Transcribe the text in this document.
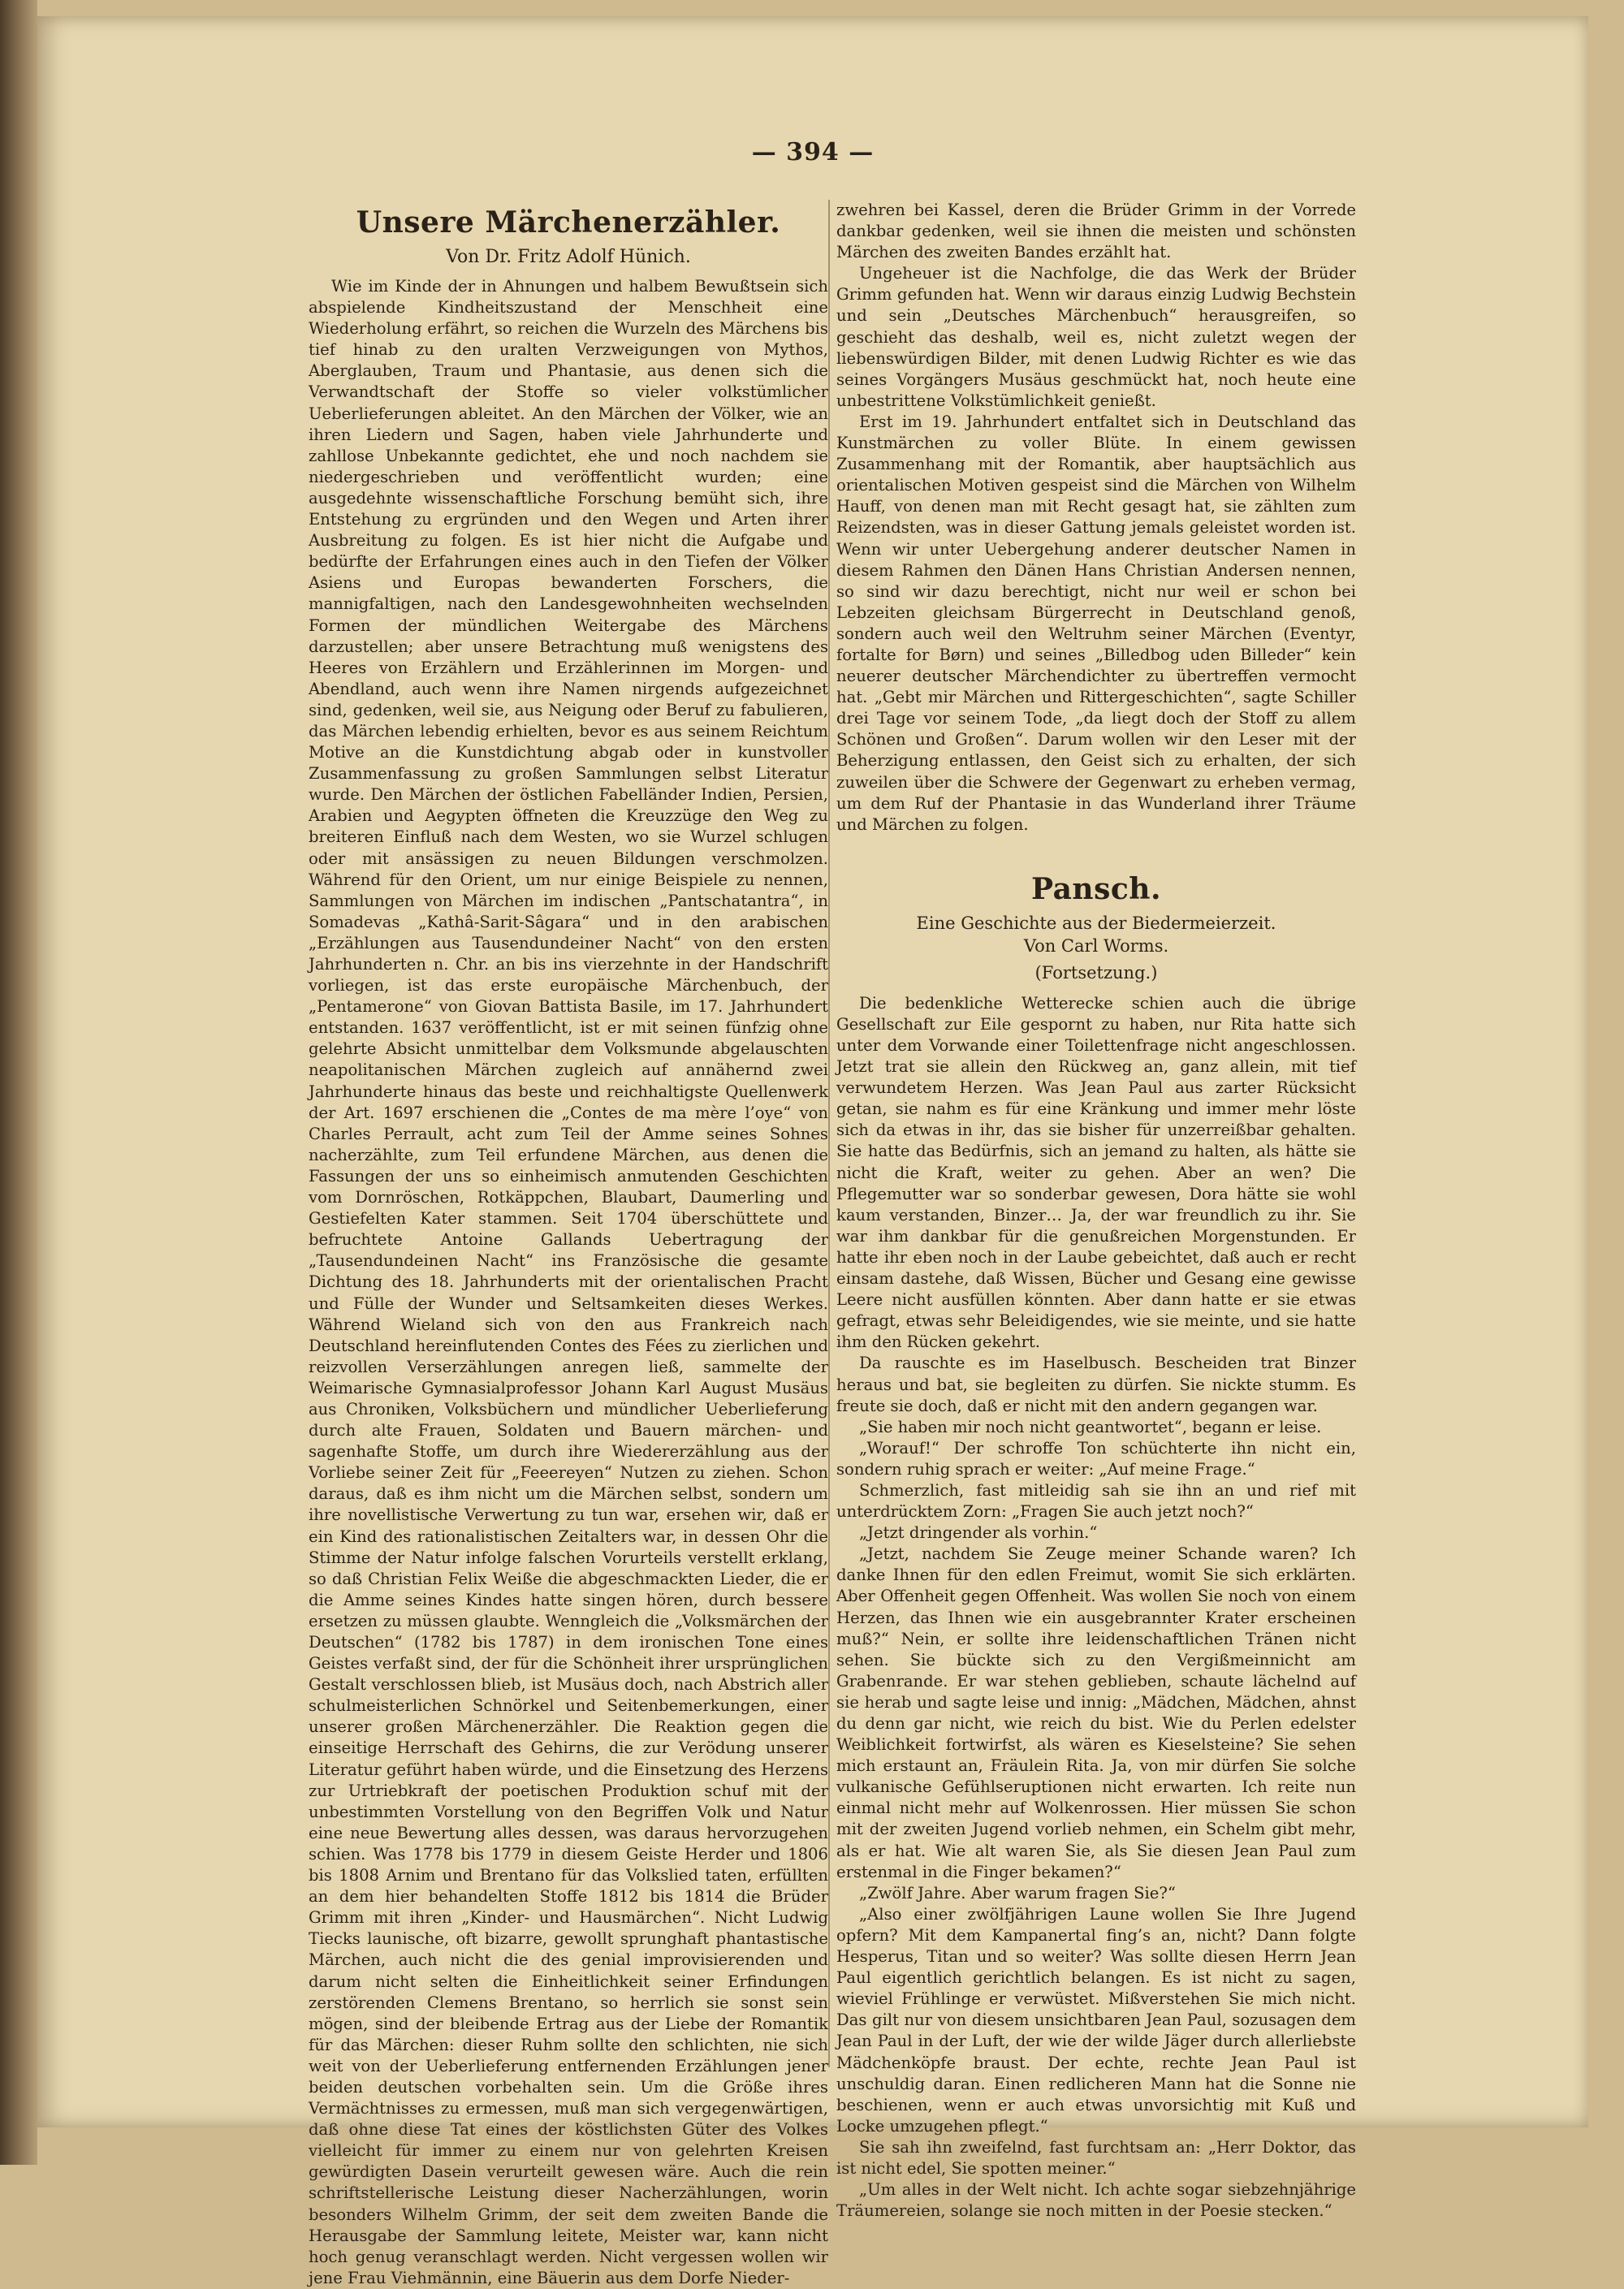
— 394 —
Unsere Märchenerzähler.
Von Dr. Fritz Adolf Hünich.

Wie im Kinde der in Ahnungen und halbem Bewußtsein sich abspielende Kindheitszustand der Menschheit eine Wiederholung erfährt, so reichen die Wurzeln des Märchens bis tief hinab zu den uralten Verzweigungen von Mythos, Aberglauben, Traum und Phantasie, aus denen sich die Verwandtschaft der Stoffe so vieler volkstümlicher Ueberlieferungen ableitet. An den Märchen der Völker, wie an ihren Liedern und Sagen, haben viele Jahrhunderte und zahllose Unbekannte gedichtet, ehe und noch nachdem sie niedergeschrieben und veröffentlicht wurden; eine ausgedehnte wissenschaftliche Forschung bemüht sich, ihre Entstehung zu ergründen und den Wegen und Arten ihrer Ausbreitung zu folgen. Es ist hier nicht die Aufgabe und bedürfte der Erfahrungen eines auch in den Tiefen der Völker Asiens und Europas bewanderten Forschers, die mannigfaltigen, nach den Landesgewohnheiten wechselnden Formen der mündlichen Weitergabe des Märchens darzustellen; aber unsere Betrachtung muß wenigstens des Heeres von Erzählern und Erzählerinnen im Morgen- und Abendland, auch wenn ihre Namen nirgends aufgezeichnet sind, gedenken, weil sie, aus Neigung oder Beruf zu fabulieren, das Märchen lebendig erhielten, bevor es aus seinem Reichtum Motive an die Kunstdichtung abgab oder in kunstvoller Zusammenfassung zu großen Sammlungen selbst Literatur wurde. Den Märchen der östlichen Fabelländer Indien, Persien, Arabien und Aegypten öffneten die Kreuzzüge den Weg zu breiteren Einfluß nach dem Westen, wo sie Wurzel schlugen oder mit ansässigen zu neuen Bildungen verschmolzen. Während für den Orient, um nur einige Beispiele zu nennen, Sammlungen von Märchen im indischen „Pantschatantra“, in Somadevas „Kathâ-Sarit-Sâgara“ und in den arabischen „Erzählungen aus Tausendundeiner Nacht“ von den ersten Jahrhunderten n. Chr. an bis ins vierzehnte in der Handschrift vorliegen, ist das erste europäische Märchenbuch, der „Pentamerone“ von Giovan Battista Basile, im 17. Jahrhundert entstanden. 1637 veröffentlicht, ist er mit seinen fünfzig ohne gelehrte Absicht unmittelbar dem Volksmunde abgelauschten neapolitanischen Märchen zugleich auf annähernd zwei Jahrhunderte hinaus das beste und reichhaltigste Quellenwerk der Art. 1697 erschienen die „Contes de ma mère l’oye“ von Charles Perrault, acht zum Teil der Amme seines Sohnes nacherzählte, zum Teil erfundene Märchen, aus denen die Fassungen der uns so einheimisch anmutenden Geschichten vom Dornröschen, Rotkäppchen, Blaubart, Daumerling und Gestiefelten Kater stammen. Seit 1704 überschüttete und befruchtete Antoine Gallands Uebertragung der „Tausendundeinen Nacht“ ins Französische die gesamte Dichtung des 18. Jahrhunderts mit der orientalischen Pracht und Fülle der Wunder und Seltsamkeiten dieses Werkes. Während Wieland sich von den aus Frankreich nach Deutschland hereinflutenden Contes des Fées zu zierlichen und reizvollen Verserzählungen anregen ließ, sammelte der Weimarische Gymnasialprofessor Johann Karl August Musäus aus Chroniken, Volksbüchern und mündlicher Ueberlieferung durch alte Frauen, Soldaten und Bauern märchen- und sagenhafte Stoffe, um durch ihre Wiedererzählung aus der Vorliebe seiner Zeit für „Feeereyen“ Nutzen zu ziehen. Schon daraus, daß es ihm nicht um die Märchen selbst, sondern um ihre novellistische Verwertung zu tun war, ersehen wir, daß er ein Kind des rationalistischen Zeitalters war, in dessen Ohr die Stimme der Natur infolge falschen Vorurteils verstellt erklang, so daß Christian Felix Weiße die abgeschmackten Lieder, die er die Amme seines Kindes hatte singen hören, durch bessere ersetzen zu müssen glaubte. Wenngleich die „Volksmärchen der Deutschen“ (1782 bis 1787) in dem ironischen Tone eines Geistes verfaßt sind, der für die Schönheit ihrer ursprünglichen Gestalt verschlossen blieb, ist Musäus doch, nach Abstrich aller schulmeisterlichen Schnörkel und Seitenbemerkungen, einer unserer großen Märchenerzähler. Die Reaktion gegen die einseitige Herrschaft des Gehirns, die zur Verödung unserer Literatur geführt haben würde, und die Einsetzung des Herzens zur Urtriebkraft der poetischen Produktion schuf mit der unbestimmten Vorstellung von den Begriffen Volk und Natur eine neue Bewertung alles dessen, was daraus hervorzugehen schien. Was 1778 bis 1779 in diesem Geiste Herder und 1806 bis 1808 Arnim und Brentano für das Volkslied taten, erfüllten an dem hier behandelten Stoffe 1812 bis 1814 die Brüder Grimm mit ihren „Kinder- und Hausmärchen“. Nicht Ludwig Tiecks launische, oft bizarre, gewollt sprunghaft phantastische Märchen, auch nicht die des genial improvisierenden und darum nicht selten die Einheitlichkeit seiner Erfindungen zerstörenden Clemens Brentano, so herrlich sie sonst sein mögen, sind der bleibende Ertrag aus der Liebe der Romantik für das Märchen: dieser Ruhm sollte den schlichten, nie sich weit von der Ueberlieferung entfernenden Erzählungen jener beiden deutschen vorbehalten sein. Um die Größe ihres Vermächtnisses zu ermessen, muß man sich vergegenwärtigen, daß ohne diese Tat eines der köstlichsten Güter des Volkes vielleicht für immer zu einem nur von gelehrten Kreisen gewürdigten Dasein verurteilt gewesen wäre. Auch die rein schriftstellerische Leistung dieser Nacherzählungen, worin besonders Wilhelm Grimm, der seit dem zweiten Bande die Herausgabe der Sammlung leitete, Meister war, kann nicht hoch genug veranschlagt werden. Nicht vergessen wollen wir jene Frau Viehmännin, eine Bäuerin aus dem Dorfe Nieder-

zwehren bei Kassel, deren die Brüder Grimm in der Vorrede dankbar gedenken, weil sie ihnen die meisten und schönsten Märchen des zweiten Bandes erzählt hat.

Ungeheuer ist die Nachfolge, die das Werk der Brüder Grimm gefunden hat. Wenn wir daraus einzig Ludwig Bechstein und sein „Deutsches Märchenbuch“ herausgreifen, so geschieht das deshalb, weil es, nicht zuletzt wegen der liebenswürdigen Bilder, mit denen Ludwig Richter es wie das seines Vorgängers Musäus geschmückt hat, noch heute eine unbestrittene Volkstümlichkeit genießt.

Erst im 19. Jahrhundert entfaltet sich in Deutschland das Kunstmärchen zu voller Blüte. In einem gewissen Zusammenhang mit der Romantik, aber hauptsächlich aus orientalischen Motiven gespeist sind die Märchen von Wilhelm Hauff, von denen man mit Recht gesagt hat, sie zählten zum Reizendsten, was in dieser Gattung jemals geleistet worden ist. Wenn wir unter Uebergehung anderer deutscher Namen in diesem Rahmen den Dänen Hans Christian Andersen nennen, so sind wir dazu berechtigt, nicht nur weil er schon bei Lebzeiten gleichsam Bürgerrecht in Deutschland genoß, sondern auch weil den Weltruhm seiner Märchen (Eventyr, fortalte for Børn) und seines „Billedbog uden Billeder“ kein neuerer deutscher Märchendichter zu übertreffen vermocht hat. „Gebt mir Märchen und Rittergeschichten“, sagte Schiller drei Tage vor seinem Tode, „da liegt doch der Stoff zu allem Schönen und Großen“. Darum wollen wir den Leser mit der Beherzigung entlassen, den Geist sich zu erhalten, der sich zuweilen über die Schwere der Gegenwart zu erheben vermag, um dem Ruf der Phantasie in das Wunderland ihrer Träume und Märchen zu folgen.

Pansch.
Eine Geschichte aus der Biedermeierzeit.
Von Carl Worms.
(Fortsetzung.)

Die bedenkliche Wetterecke schien auch die übrige Gesellschaft zur Eile gespornt zu haben, nur Rita hatte sich unter dem Vorwande einer Toilettenfrage nicht angeschlossen. Jetzt trat sie allein den Rückweg an, ganz allein, mit tief verwundetem Herzen. Was Jean Paul aus zarter Rücksicht getan, sie nahm es für eine Kränkung und immer mehr löste sich da etwas in ihr, das sie bisher für unzerreißbar gehalten. Sie hatte das Bedürfnis, sich an jemand zu halten, als hätte sie nicht die Kraft, weiter zu gehen. Aber an wen? Die Pflegemutter war so sonderbar gewesen, Dora hätte sie wohl kaum verstanden, Binzer… Ja, der war freundlich zu ihr. Sie war ihm dankbar für die genußreichen Morgenstunden. Er hatte ihr eben noch in der Laube gebeichtet, daß auch er recht einsam dastehe, daß Wissen, Bücher und Gesang eine gewisse Leere nicht ausfüllen könnten. Aber dann hatte er sie etwas gefragt, etwas sehr Beleidigendes, wie sie meinte, und sie hatte ihm den Rücken gekehrt.

Da rauschte es im Haselbusch. Bescheiden trat Binzer heraus und bat, sie begleiten zu dürfen. Sie nickte stumm. Es freute sie doch, daß er nicht mit den andern gegangen war.

„Sie haben mir noch nicht geantwortet“, begann er leise.

„Worauf!“ Der schroffe Ton schüchterte ihn nicht ein, sondern ruhig sprach er weiter: „Auf meine Frage.“

Schmerzlich, fast mitleidig sah sie ihn an und rief mit unterdrücktem Zorn: „Fragen Sie auch jetzt noch?“

„Jetzt dringender als vorhin.“

„Jetzt, nachdem Sie Zeuge meiner Schande waren? Ich danke Ihnen für den edlen Freimut, womit Sie sich erklärten. Aber Offenheit gegen Offenheit. Was wollen Sie noch von einem Herzen, das Ihnen wie ein ausgebrannter Krater erscheinen muß?“ Nein, er sollte ihre leidenschaftlichen Tränen nicht sehen. Sie bückte sich zu den Vergißmeinnicht am Grabenrande. Er war stehen geblieben, schaute lächelnd auf sie herab und sagte leise und innig: „Mädchen, Mädchen, ahnst du denn gar nicht, wie reich du bist. Wie du Perlen edelster Weiblichkeit fortwirfst, als wären es Kieselsteine? Sie sehen mich erstaunt an, Fräulein Rita. Ja, von mir dürfen Sie solche vulkanische Gefühlseruptionen nicht erwarten. Ich reite nun einmal nicht mehr auf Wolkenrossen. Hier müssen Sie schon mit der zweiten Jugend vorlieb nehmen, ein Schelm gibt mehr, als er hat. Wie alt waren Sie, als Sie diesen Jean Paul zum erstenmal in die Finger bekamen?“

„Zwölf Jahre. Aber warum fragen Sie?“

„Also einer zwölfjährigen Laune wollen Sie Ihre Jugend opfern? Mit dem Kampanertal fing’s an, nicht? Dann folgte Hesperus, Titan und so weiter? Was sollte diesen Herrn Jean Paul eigentlich gerichtlich belangen. Es ist nicht zu sagen, wieviel Frühlinge er verwüstet. Mißverstehen Sie mich nicht. Das gilt nur von diesem unsichtbaren Jean Paul, sozusagen dem Jean Paul in der Luft, der wie der wilde Jäger durch allerliebste Mädchenköpfe braust. Der echte, rechte Jean Paul ist unschuldig daran. Einen redlicheren Mann hat die Sonne nie beschienen, wenn er auch etwas unvorsichtig mit Kuß und Locke umzugehen pflegt.“

Sie sah ihn zweifelnd, fast furchtsam an: „Herr Doktor, das ist nicht edel, Sie spotten meiner.“

„Um alles in der Welt nicht. Ich achte sogar siebzehnjährige Träumereien, solange sie noch mitten in der Poesie stecken.“
